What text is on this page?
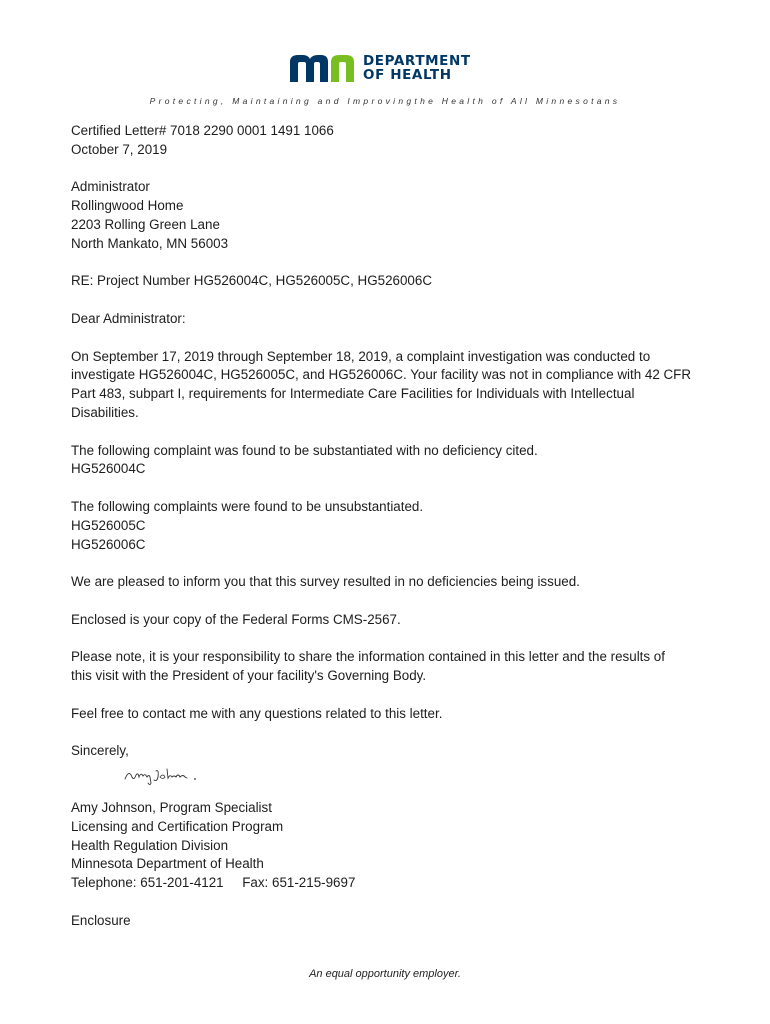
DEPARTMENT
OF HEALTH
Protecting, Maintaining and Improvingthe Health of All Minnesotans
Certified Letter# 7018 2290 0001 1491 1066
October 7, 2019
Administrator
Rollingwood Home
2203 Rolling Green Lane
North Mankato, MN 56003
RE: Project Number HG526004C, HG526005C, HG526006C
Dear Administrator:
On September 17, 2019 through September 18, 2019, a complaint investigation was conducted to
investigate HG526004C, HG526005C, and HG526006C. Your facility was not in compliance with 42 CFR
Part 483, subpart I, requirements for Intermediate Care Facilities for Individuals with Intellectual
Disabilities.
The following complaint was found to be substantiated with no deficiency cited.
HG526004C
The following complaints were found to be unsubstantiated.
HG526005C
HG526006C
We are pleased to inform you that this survey resulted in no deficiencies being issued.
Enclosed is your copy of the Federal Forms CMS-2567.
Please note, it is your responsibility to share the information contained in this letter and the results of
this visit with the President of your facility's Governing Body.
Feel free to contact me with any questions related to this letter.
Sincerely,
Amy Johnson, Program Specialist
Licensing and Certification Program
Health Regulation Division
Minnesota Department of Health
Telephone: 651-201-4121     Fax: 651-215-9697
Enclosure
An equal opportunity employer.
